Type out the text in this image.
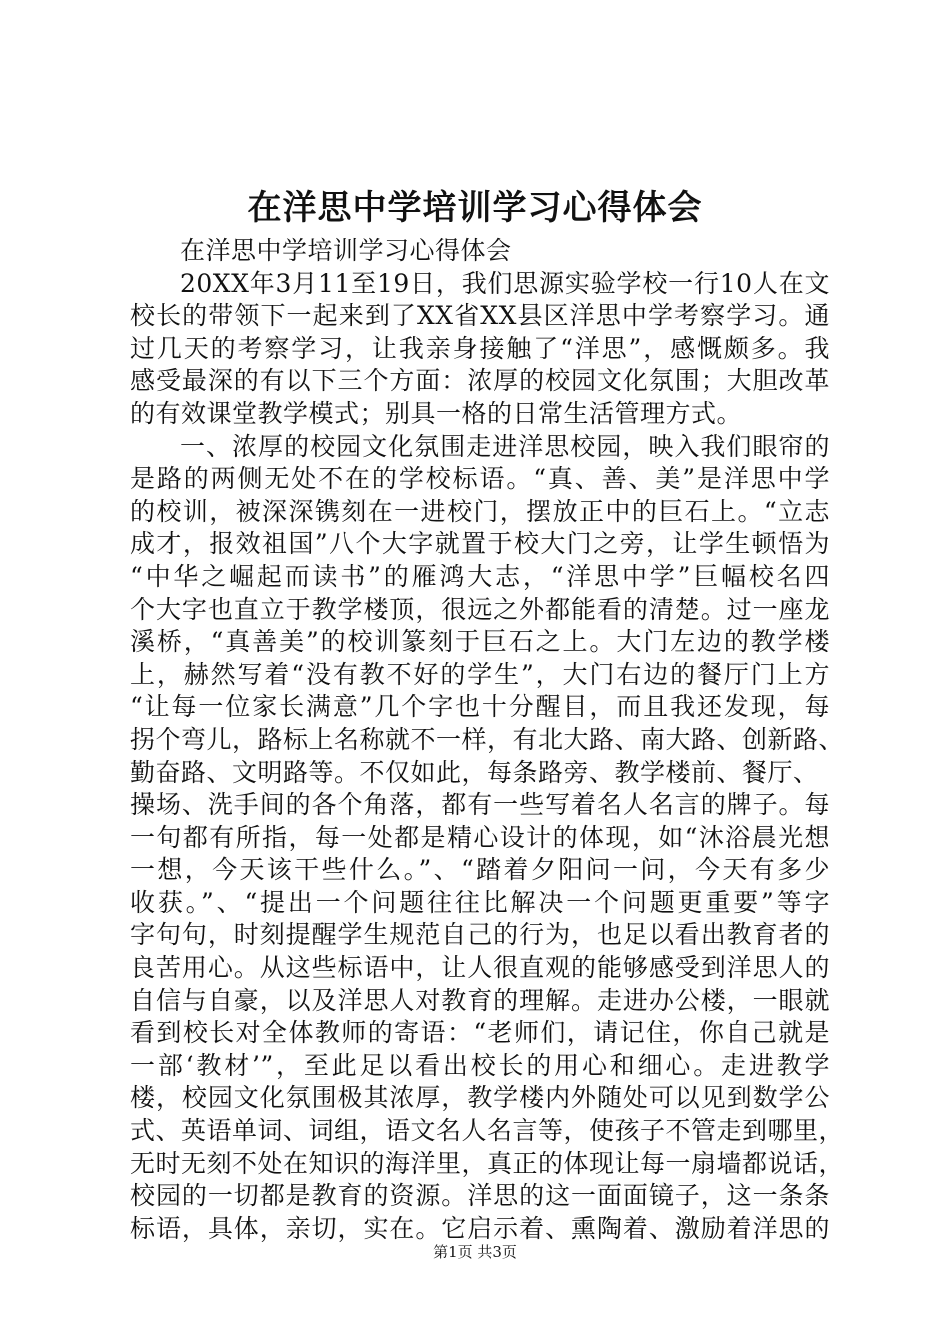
在洋思中学培训学习心得体会
在洋思中学培训学习心得体会
20XX年3月11至19日，我们思源实验学校一行10人在文
校长的带领下一起来到了XX省XX县区洋思中学考察学习。通
过几天的考察学习，让我亲身接触了“洋思”，感慨颇多。我
感受最深的有以下三个方面：浓厚的校园文化氛围；大胆改革
的有效课堂教学模式；别具一格的日常生活管理方式。
一、浓厚的校园文化氛围走进洋思校园，映入我们眼帘的
是路的两侧无处不在的学校标语。“真、善、美”是洋思中学
的校训，被深深镌刻在一进校门，摆放正中的巨石上。“立志
成才，报效祖国”八个大字就置于校大门之旁，让学生顿悟为
“中华之崛起而读书”的雁鸿大志，“洋思中学”巨幅校名四
个大字也直立于教学楼顶，很远之外都能看的清楚。过一座龙
溪桥，“真善美”的校训篆刻于巨石之上。大门左边的教学楼
上，赫然写着“没有教不好的学生”，大门右边的餐厅门上方
“让每一位家长满意”几个字也十分醒目，而且我还发现，每
拐个弯儿，路标上名称就不一样，有北大路、南大路、创新路、
勤奋路、文明路等。不仅如此，每条路旁、教学楼前、餐厅、
操场、洗手间的各个角落，都有一些写着名人名言的牌子。每
一句都有所指，每一处都是精心设计的体现，如“沐浴晨光想
一想，今天该干些什么。”、“踏着夕阳问一问，今天有多少
收获。”、“提出一个问题往往比解决一个问题更重要”等字
字句句，时刻提醒学生规范自己的行为，也足以看出教育者的
良苦用心。从这些标语中，让人很直观的能够感受到洋思人的
自信与自豪，以及洋思人对教育的理解。走进办公楼，一眼就
看到校长对全体教师的寄语：“老师们，请记住，你自己就是
一部‘教材’”，至此足以看出校长的用心和细心。走进教学
楼，校园文化氛围极其浓厚，教学楼内外随处可以见到数学公
式、英语单词、词组，语文名人名言等，使孩子不管走到哪里，
无时无刻不处在知识的海洋里，真正的体现让每一扇墙都说话，
校园的一切都是教育的资源。洋思的这一面面镜子，这一条条
标语，具体，亲切，实在。它启示着、熏陶着、激励着洋思的
第1页 共3页
